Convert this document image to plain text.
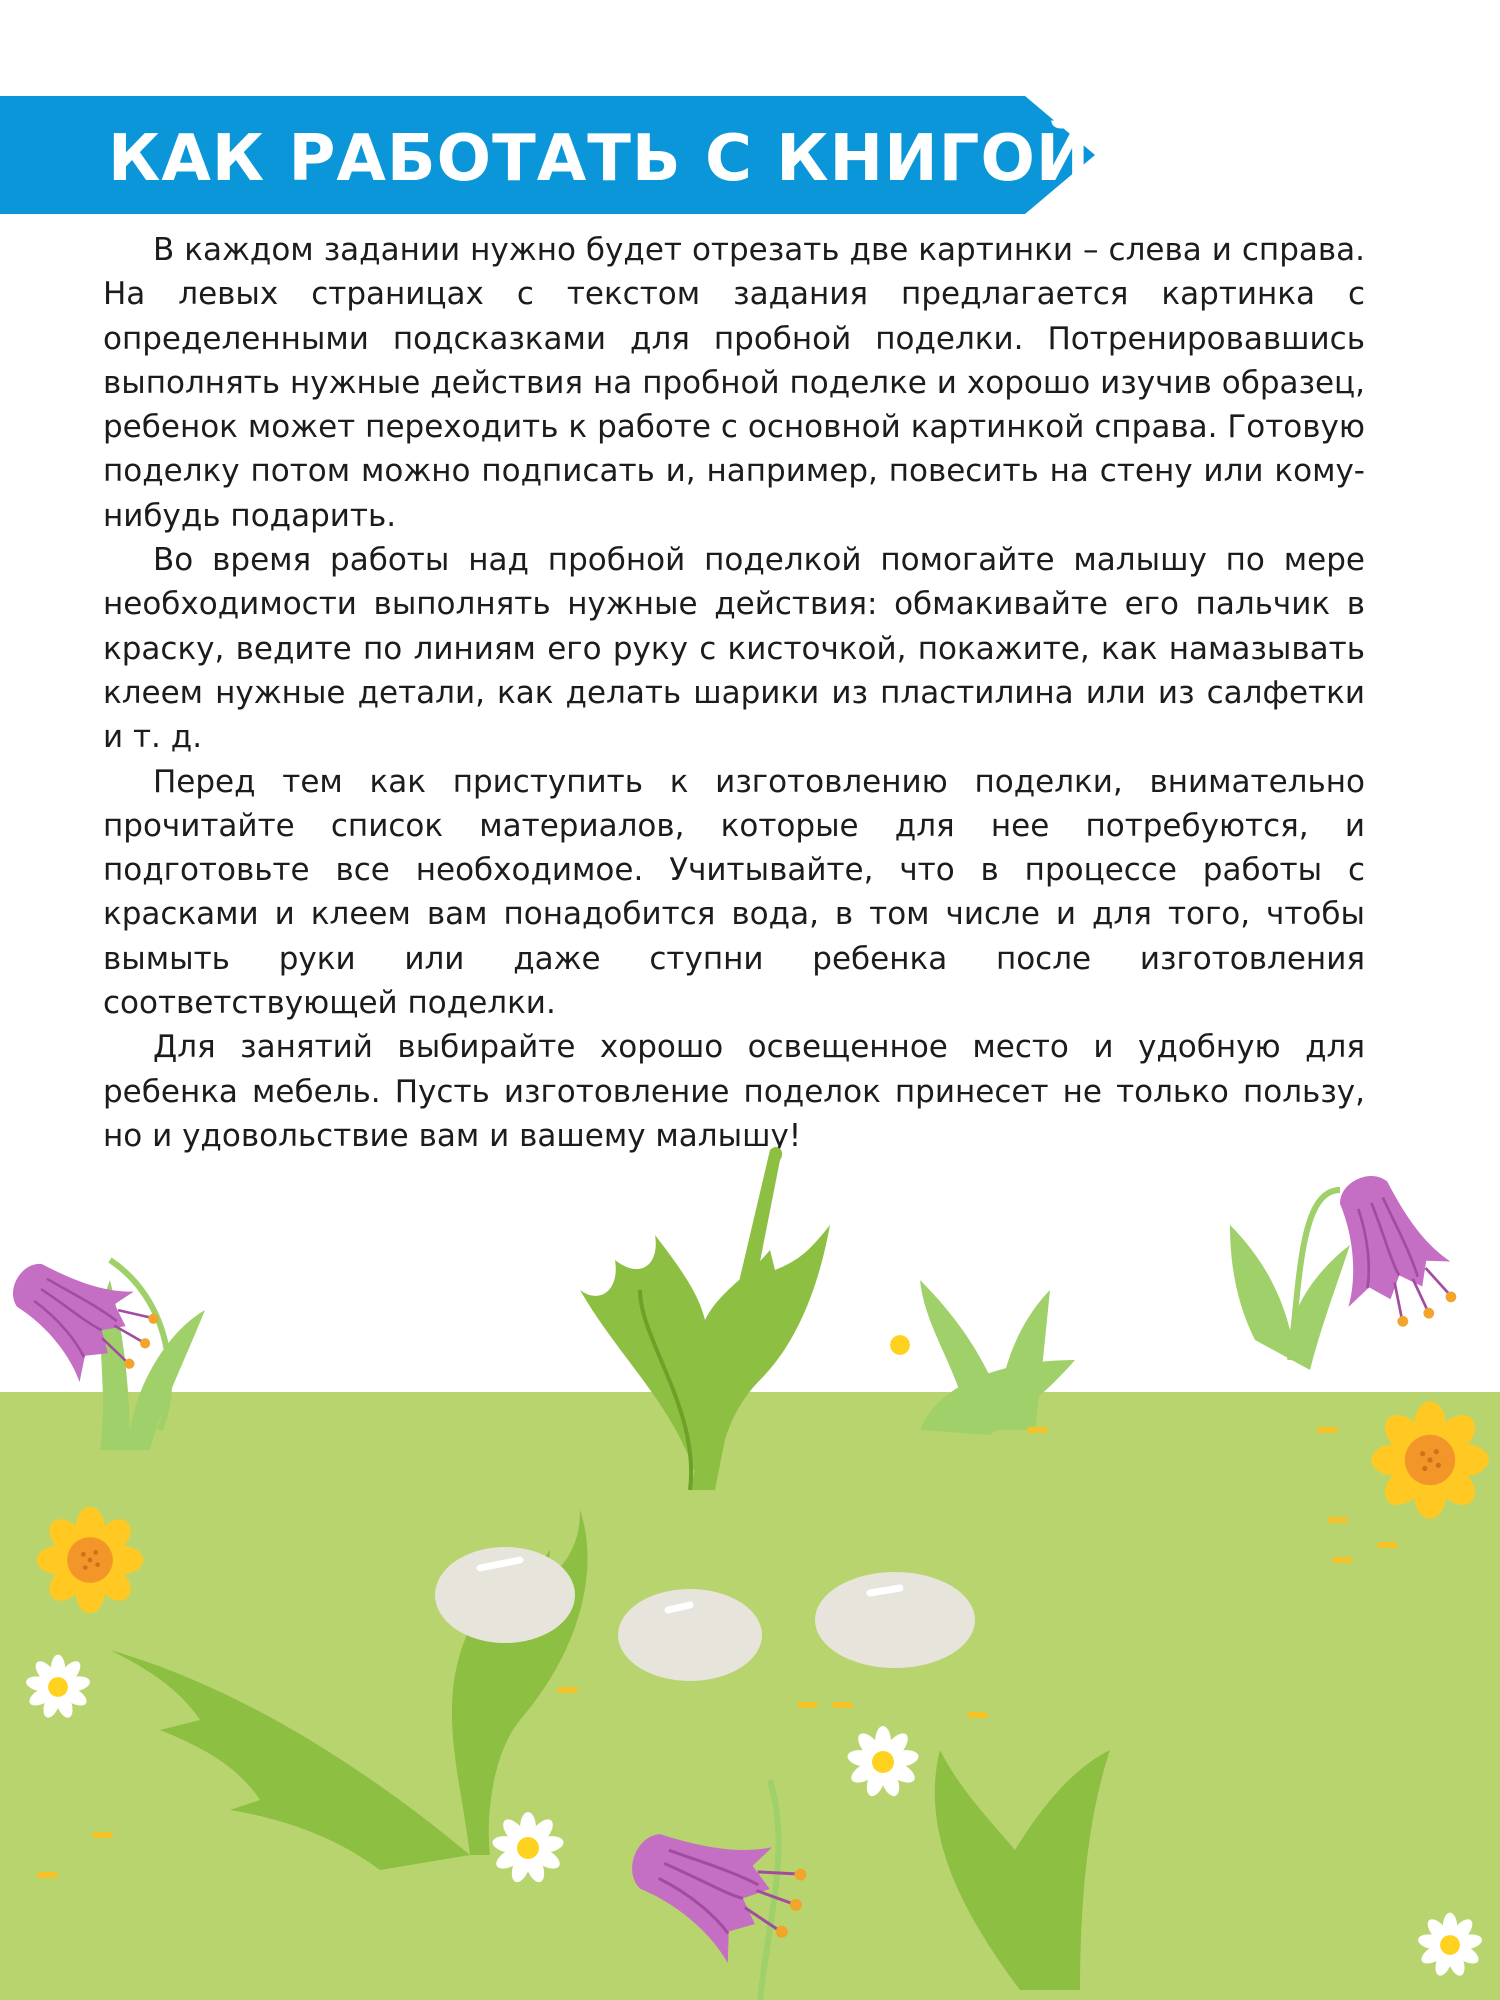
КАК РАБОТАТЬ С КНИГОЙ

В каждом задании нужно будет отрезать две картинки – слева и справа. На левых страницах с текстом задания предлагается картинка с определенными подсказками для пробной поделки. Потренировавшись выполнять нужные действия на пробной поделке и хорошо изучив образец, ребенок может переходить к работе с основной картинкой справа. Готовую поделку потом можно подписать и, например, повесить на стену или кому-нибудь подарить.

Во время работы над пробной поделкой помогайте малышу по мере необходимости выполнять нужные действия: обмакивайте его пальчик в краску, ведите по линиям его руку с кисточкой, покажите, как намазывать клеем нужные детали, как делать шарики из пластилина или из салфетки и т. д.

Перед тем как приступить к изготовлению поделки, внимательно прочитайте список материалов, которые для нее потребуются, и подготовьте все необходимое. Учитывайте, что в процессе работы с красками и клеем вам понадобится вода, в том числе и для того, чтобы вымыть руки или даже ступни ребенка после изготовления соответствующей поделки.

Для занятий выбирайте хорошо освещенное место и удобную для ребенка мебель. Пусть изготовление поделок принесет не только пользу, но и удовольствие вам и вашему малышу!
